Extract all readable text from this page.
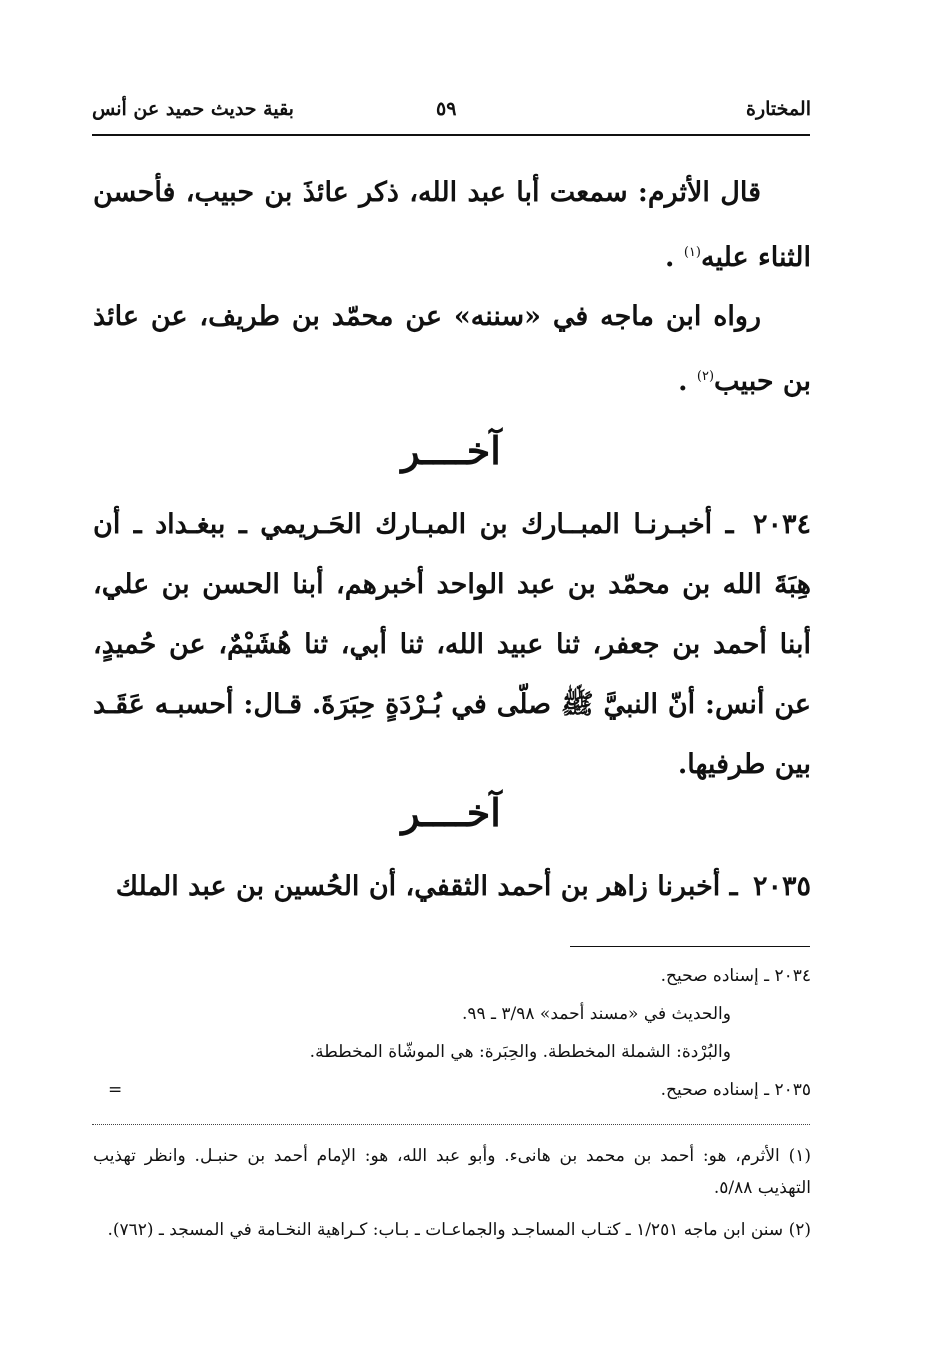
المختارة
٥٩
بقية حديث حميد عن أنس

قال الأثرم: سمعت أبا عبد الله، ذكر عائذَ بن حبيب، فأحسن الثناء عليه$^{(١)}$ .

رواه ابن ماجه في «سننه» عن محمّد بن طريف، عن عائذ بن حبيب$^{(٢)}$ .

آخــــر

٢٠٣٤ ـ أخبـرنـا المبــارك بن المبـارك الحَـريمي ـ ببغـداد ـ أن هِبَةَ الله بن محمّد بن عبد الواحد أخبرهم، أبنا الحسن بن علي، أبنا أحمد بن جعفر، ثنا عبيد الله، ثنا أبي، ثنا هُشَيْمٌ، عن حُميدٍ، عن أنس: أنّ النبيَّ ﷺ صلّى في بُـرْدَةٍ حِبَرَةَ. قـال: أحسبـه عَقَـد بين طرفيها.

آخــــر

٢٠٣٥ ـ أخبرنا زاهر بن أحمد الثقفي، أن الحُسين بن عبد الملك

٢٠٣٤ ـ إسناده صحيح.
والحديث في «مسند أحمد» ٣/٩٨ ـ ٩٩.
والبُرْدة: الشملة المخططة. والحِبَرة: هي الموشّاة المخططة.
٢٠٣٥ ـ إسناده صحيح.
=
(١) الأثرم، هو: أحمد بن محمد بن هانىء. وأبو عبد الله، هو: الإمام أحمد بن حنبـل. وانظر تهذيب التهذيب ٥/٨٨.
(٢) سنن ابن ماجه ١/٢٥١ ـ كتـاب المساجـد والجماعـات ـ بـاب: كـراهية النخـامة في المسجد ـ (٧٦٢).
